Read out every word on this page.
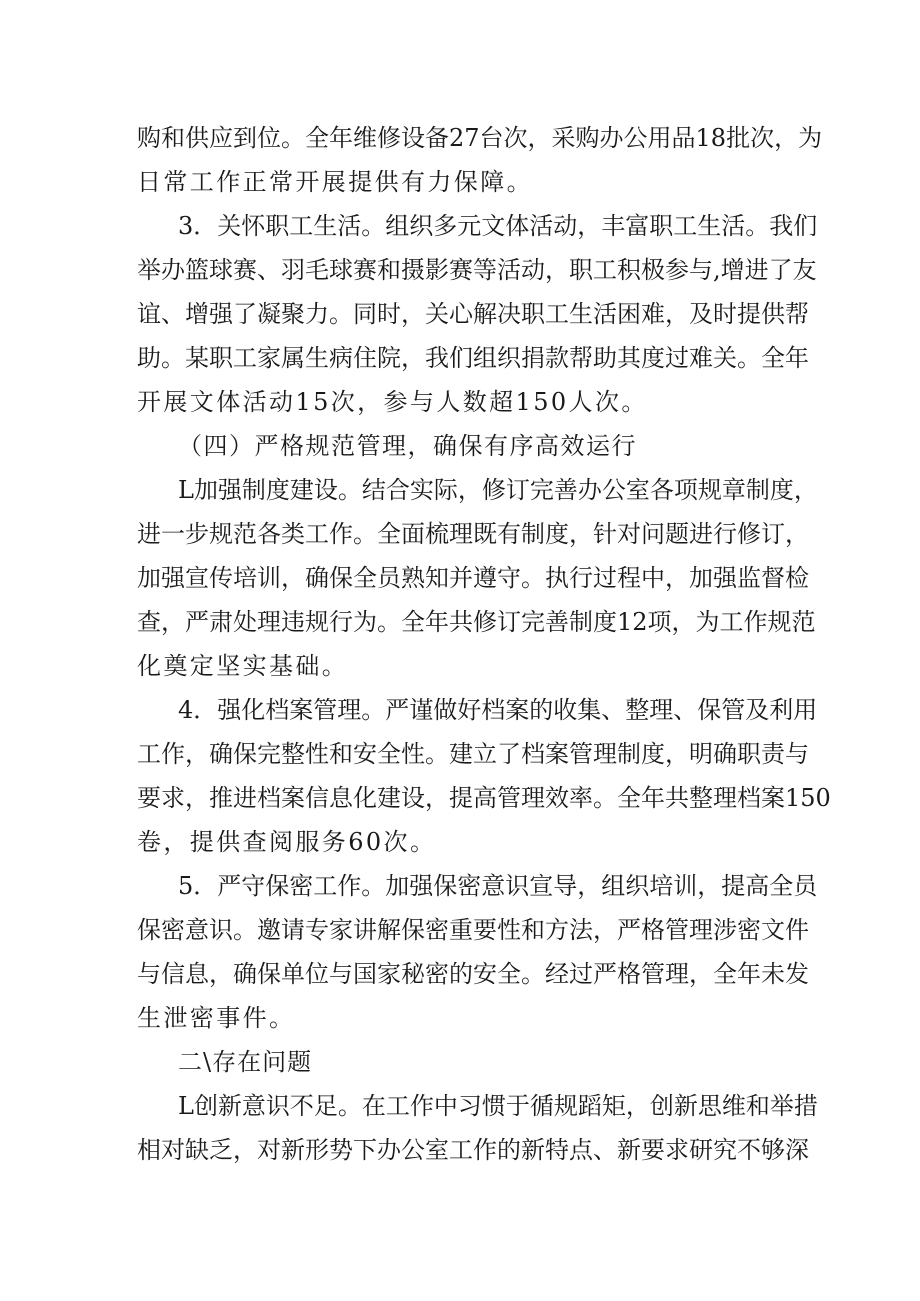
购和供应到位。全年维修设备27台次，采购办公用品18批次，为
日常工作正常开展提供有力保障。
3．关怀职工生活。组织多元文体活动，丰富职工生活。我们
举办篮球赛、羽毛球赛和摄影赛等活动，职工积极参与,增进了友
谊、增强了凝聚力。同时，关心解决职工生活困难，及时提供帮
助。某职工家属生病住院，我们组织捐款帮助其度过难关。全年
开展文体活动15次，参与人数超150人次。
（四）严格规范管理，确保有序高效运行
L加强制度建设。结合实际，修订完善办公室各项规章制度，
进一步规范各类工作。全面梳理既有制度，针对问题进行修订，
加强宣传培训，确保全员熟知并遵守。执行过程中，加强监督检
查，严肃处理违规行为。全年共修订完善制度12项，为工作规范
化奠定坚实基础。
4．强化档案管理。严谨做好档案的收集、整理、保管及利用
工作，确保完整性和安全性。建立了档案管理制度，明确职责与
要求，推进档案信息化建设，提高管理效率。全年共整理档案150
卷，提供查阅服务60次。
5．严守保密工作。加强保密意识宣导，组织培训，提高全员
保密意识。邀请专家讲解保密重要性和方法，严格管理涉密文件
与信息，确保单位与国家秘密的安全。经过严格管理，全年未发
生泄密事件。
二\存在问题
L创新意识不足。在工作中习惯于循规蹈矩，创新思维和举措
相对缺乏，对新形势下办公室工作的新特点、新要求研究不够深
